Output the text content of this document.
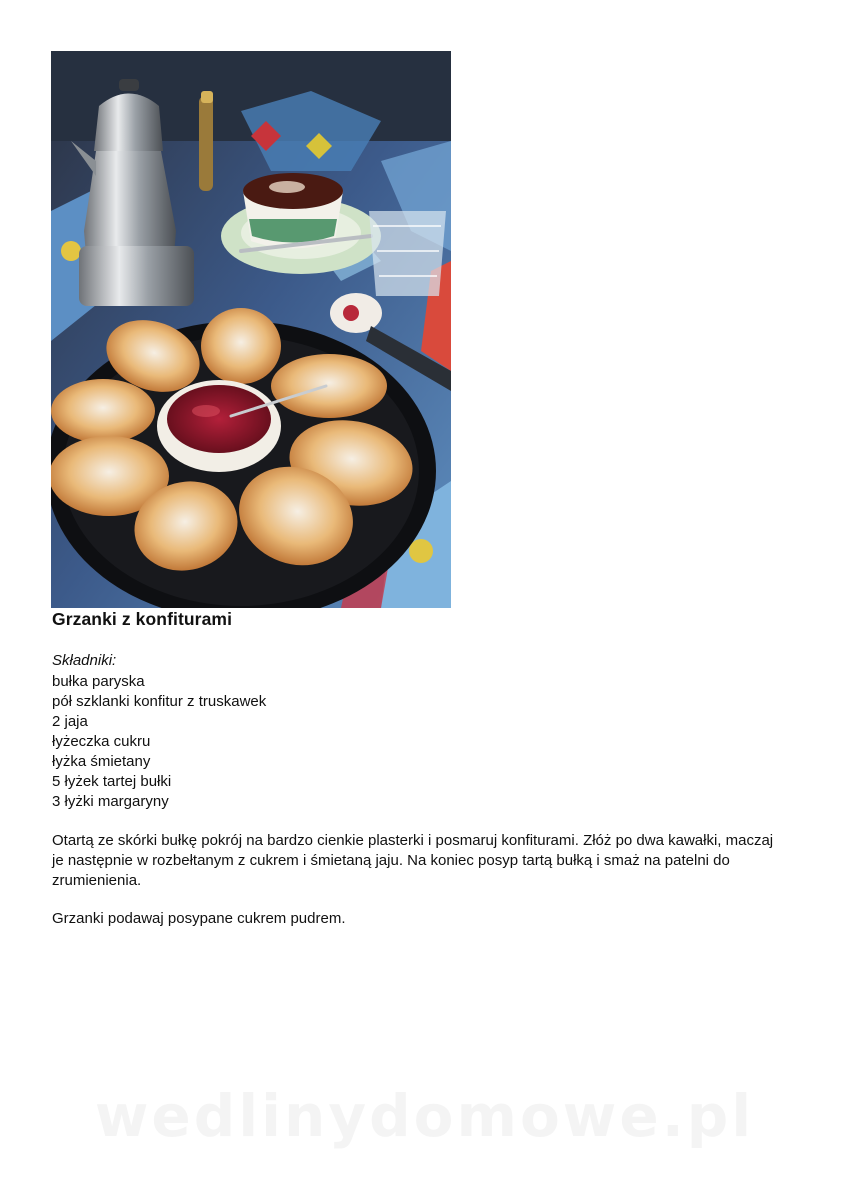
Grzanki z konfiturami
Składniki:
bułka paryska
pół szklanki konfitur z truskawek
2 jaja
łyżeczka cukru
łyżka śmietany
5 łyżek tartej bułki
3 łyżki margaryny

Otartą ze skórki bułkę pokrój na bardzo cienkie plasterki i posmaruj konfiturami. Złóż po dwa kawałki, maczaj je następnie w rozbełtanym z cukrem i śmietaną jaju. Na koniec posyp tartą bułką i smaż na patelni do zrumienienia.

Grzanki podawaj posypane cukrem pudrem.

wedlinydomowe.pl
